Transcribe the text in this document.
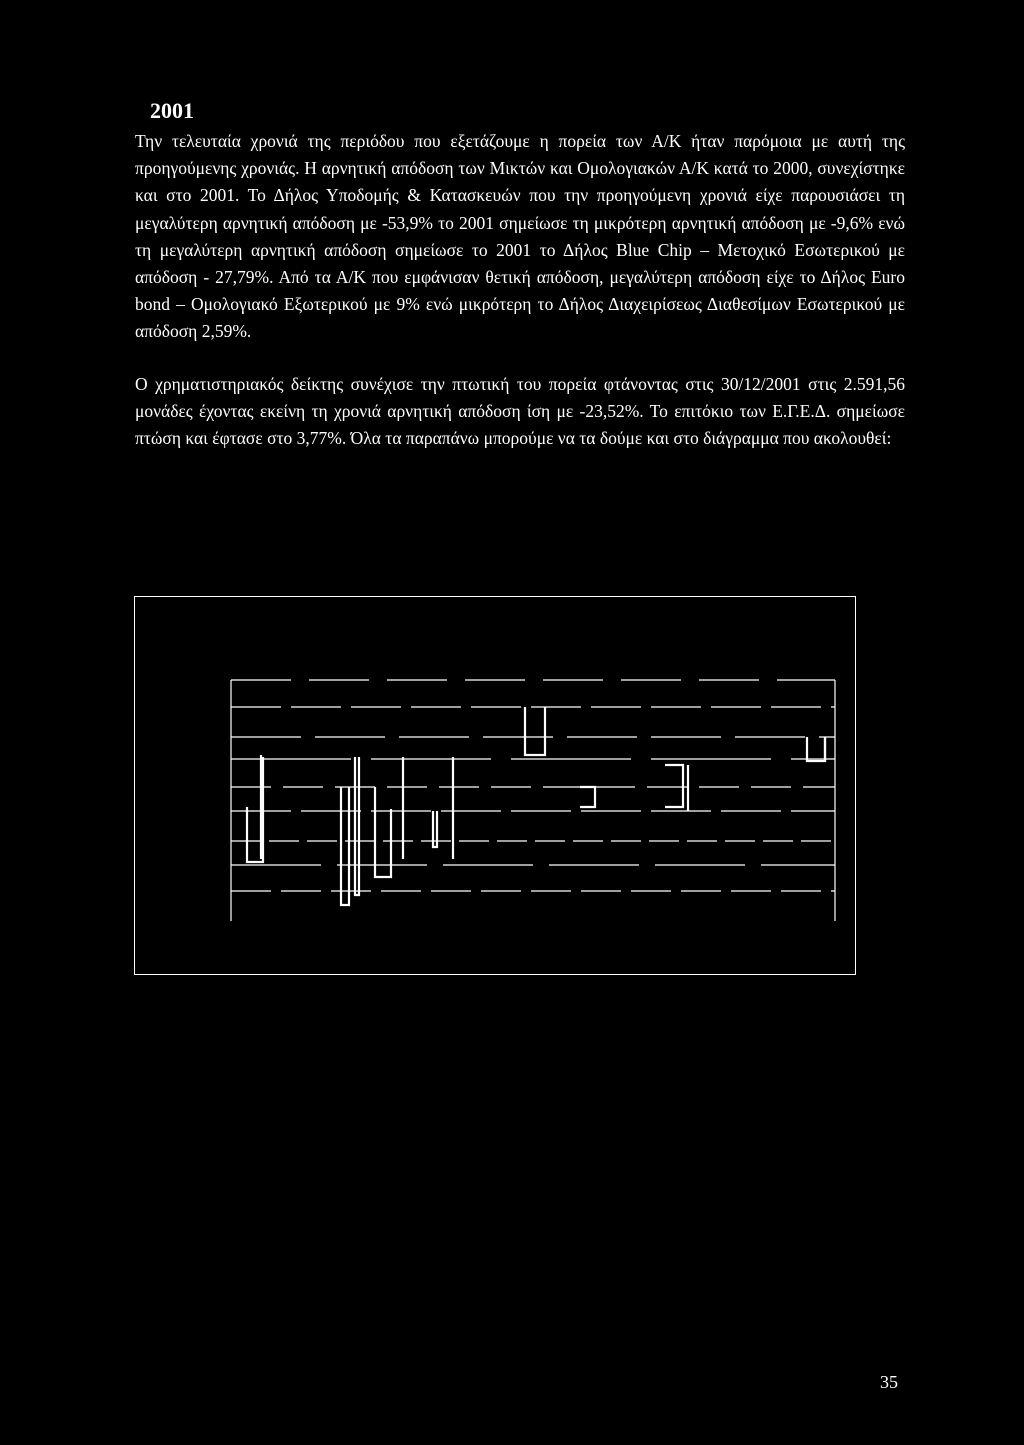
2001
Την τελευταία χρονιά της περιόδου που εξετάζουμε η πορεία των Α/Κ ήταν παρόμοια με αυτή της προηγούμενης χρονιάς. Η αρνητική απόδοση των Μικτών και Ομολογιακών Α/Κ κατά το 2000, συνεχίστηκε και στο 2001. Το Δήλος Υποδομής & Κατασκευών που την προηγούμενη χρονιά είχε παρουσιάσει τη μεγαλύτερη αρνητική απόδοση με -53,9% το 2001 σημείωσε τη μικρότερη αρνητική απόδοση με -9,6% ενώ τη μεγαλύτερη αρνητική απόδοση σημείωσε το 2001 το Δήλος Blue Chip – Μετοχικό Εσωτερικού με απόδοση - 27,79%. Από τα Α/Κ που εμφάνισαν θετική απόδοση, μεγαλύτερη απόδοση είχε το Δήλος Euro bond – Ομολογιακό Εξωτερικού με 9% ενώ μικρότερη το Δήλος Διαχειρίσεως Διαθεσίμων Εσωτερικού με απόδοση 2,59%.
Ο χρηματιστηριακός δείκτης συνέχισε την πτωτική του πορεία φτάνοντας στις 30/12/2001 στις 2.591,56 μονάδες έχοντας εκείνη τη χρονιά αρνητική απόδοση ίση με -23,52%. Το επιτόκιο των Ε.Γ.Ε.Δ. σημείωσε πτώση και έφτασε στο 3,77%. Όλα τα παραπάνω μπορούμε να τα δούμε και στο διάγραμμα που ακολουθεί:
35
